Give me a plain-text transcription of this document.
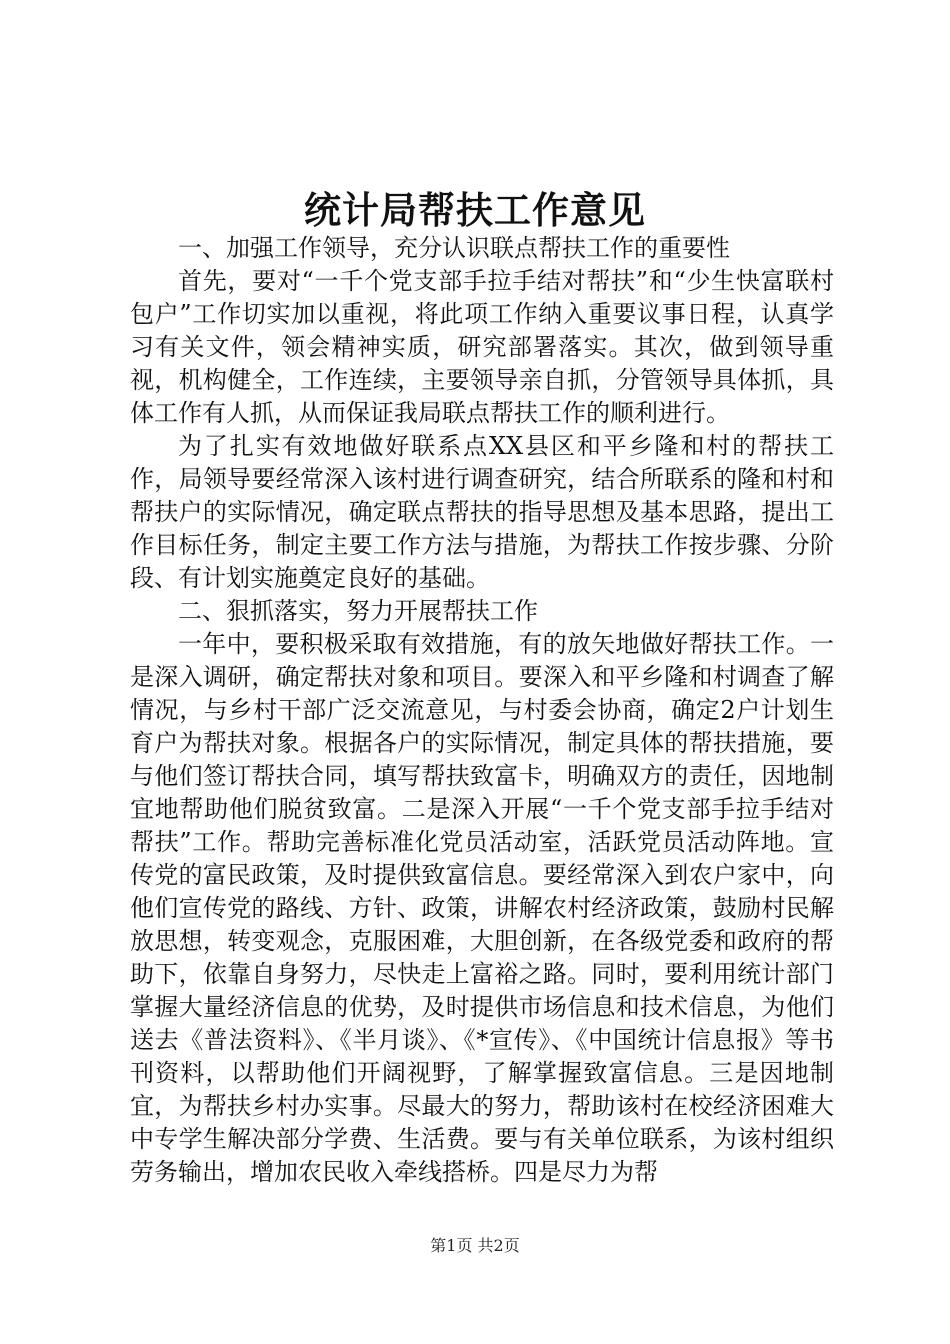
统计局帮扶工作意见

一、加强工作领导，充分认识联点帮扶工作的重要性

首先，要对“一千个党支部手拉手结对帮扶”和“少生快富联村包户”工作切实加以重视，将此项工作纳入重要议事日程，认真学习有关文件，领会精神实质，研究部署落实。其次，做到领导重视，机构健全，工作连续，主要领导亲自抓，分管领导具体抓，具体工作有人抓，从而保证我局联点帮扶工作的顺利进行。

为了扎实有效地做好联系点XX县区和平乡隆和村的帮扶工作，局领导要经常深入该村进行调查研究，结合所联系的隆和村和帮扶户的实际情况，确定联点帮扶的指导思想及基本思路，提出工作目标任务，制定主要工作方法与措施，为帮扶工作按步骤、分阶段、有计划实施奠定良好的基础。

二、狠抓落实，努力开展帮扶工作

一年中，要积极采取有效措施，有的放矢地做好帮扶工作。一是深入调研，确定帮扶对象和项目。要深入和平乡隆和村调查了解情况，与乡村干部广泛交流意见，与村委会协商，确定2户计划生育户为帮扶对象。根据各户的实际情况，制定具体的帮扶措施，要与他们签订帮扶合同，填写帮扶致富卡，明确双方的责任，因地制宜地帮助他们脱贫致富。二是深入开展“一千个党支部手拉手结对帮扶”工作。帮助完善标准化党员活动室，活跃党员活动阵地。宣传党的富民政策，及时提供致富信息。要经常深入到农户家中，向他们宣传党的路线、方针、政策，讲解农村经济政策，鼓励村民解放思想，转变观念，克服困难，大胆创新，在各级党委和政府的帮助下，依靠自身努力，尽快走上富裕之路。同时，要利用统计部门掌握大量经济信息的优势，及时提供市场信息和技术信息，为他们送去《普法资料》、《半月谈》、《*宣传》、《中国统计信息报》等书刊资料，以帮助他们开阔视野，了解掌握致富信息。三是因地制宜，为帮扶乡村办实事。尽最大的努力，帮助该村在校经济困难大中专学生解决部分学费、生活费。要与有关单位联系，为该村组织劳务输出，增加农民收入牵线搭桥。四是尽力为帮

第1页 共2页
